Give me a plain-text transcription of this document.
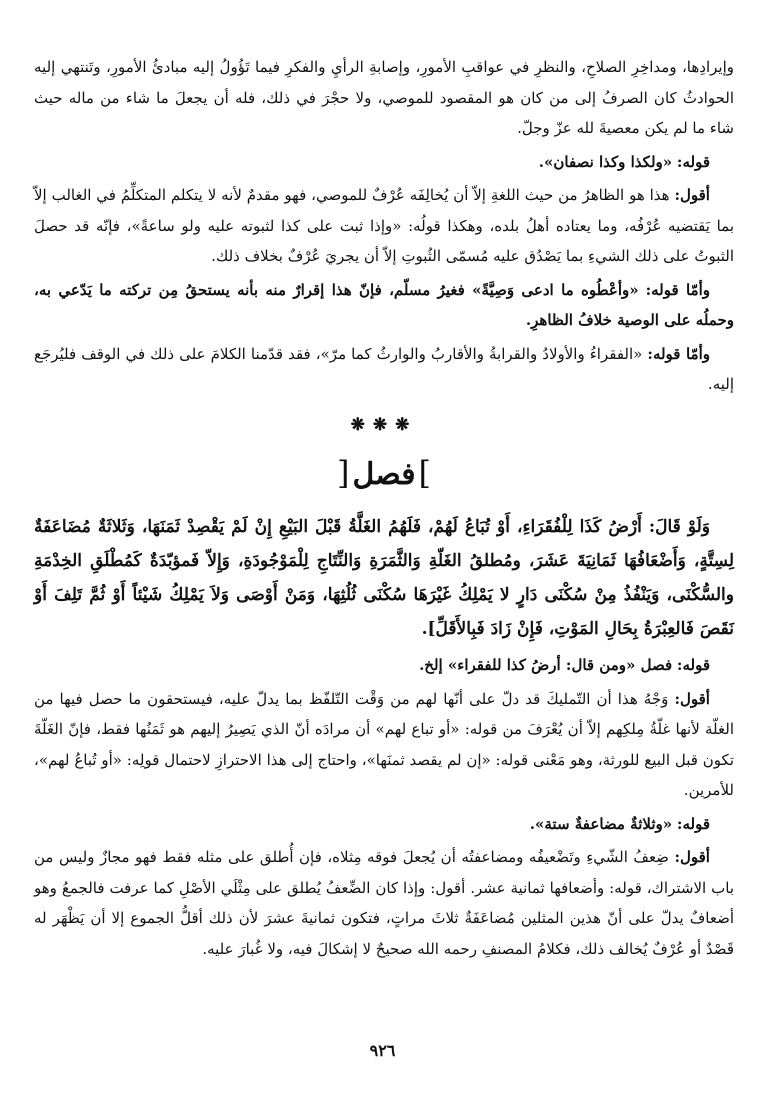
وإيرادِها، ومداخِرِ الصلاحِ، والنظرِ في عواقبِ الأمورِ، وإصابةِ الرأيِ والفكرِ فيما تَؤُولُ إليه مبادئُ الأمورِ، وتَنتهي إليه الحوادثُ كان الصرفُ إلى من كان هو المقصود للموصي، ولا حجْرَ في ذلك، فله أن يجعلَ ما شاء من ماله حيث شاء ما لم يكن معصيةَ لله عزّ وجلّ.

قوله: «ولكذا وكذا نصفان».

أقول: هذا هو الظاهرُ من حيث اللغةِ إلاّ أن يُخالِفَه عُرْفٌ للموصي، فهو مقدمٌ لأنه لا يتكلم المتكلِّمُ في الغالب إلاّ بما يَقتضيه عُرْفُه، وما يعتاده أهلُ بلده، وهكذا قولُه: «وإذا ثبت على كذا لثبوته عليه ولو ساعةً»، فإنّه قد حصلَ الثبوتُ على ذلك الشيءِ بما يَصْدُق عليه مُسمّى الثُبوتِ إلاّ أن يجريَ عُرْفٌ بخلاف ذلك.

وأمّا قوله: «وأعْطُوه ما ادعى وَصِيَّةً» فغيرُ مسلّم، فإنّ هذا إقرارٌ منه بأنه يستحقُ مِن تركته ما يَدّعي به، وحملُه على الوصية خلافُ الظاهرِ.

وأمّا قوله: «الفقراءُ والأولادُ والقرابةُ والأقاربُ والوارثُ كما مرّ»، فقد قدّمنا الكلامَ على ذلك في الوقف فليُرجَع إليه.

❋❋❋
]فصل[

وَلَوْ قَالَ: أَرْضُ كَذَا لِلْفُقَرَاءِ، أَوْ تُبَاعُ لَهُمْ، فَلَهُمُ الغَلَّةُ قَبْلَ البَيْعِ إِنْ لَمْ يَقْصِدْ ثَمَنَهَا، وَثَلاثَةٌ مُضَاعَفَةٌ لِسِتَّةٍ، وَأَضْعَافُهَا ثَمَانِيَةَ عَشَرَ، ومُطلقُ الغَلّةِ وَالثَّمَرَةِ وَالنِّتَاجِ لِلْمَوْجُودَةِ، وَإِلاّ فَمؤبّدَةٌ كَمُطْلَقِ الخِدْمَةِ والسُّكْنَى، وَيَنْفُذُ مِنْ سُكْنَى دَارٍ لا يَمْلِكُ غَيْرَهَا سُكْنَى ثُلُثِهَا، وَمَنْ أَوْصَى وَلاَ يَمْلِكُ شَيْئاً أَوْ ثُمَّ تَلِفَ أَوْ نَقَصَ فَالعِبْرَةُ بِحَالِ المَوْتِ، فَإِنْ زَادَ فَبِالأَقَلِّ].

قوله: فصل «ومن قال: أرضُ كذا للفقراء» إلخ.

أقول: وَجْهُ هذا أن التّمليكَ قد دلّ على أنّها لهم من وَقْت التّلفّظ بما يدلّ عليه، فيستحقون ما حصل فيها من الغلّة لأنها غلّةُ مِلكِهم إلاّ أن يُعْرَفَ من قوله: «أو تباع لهم» أن مرادَه أنّ الذي يَصِيرُ إليهم هو ثَمَنُها فقط، فإنّ الغَلّةَ تكون قبل البيع للورثة، وهو مَعْنى قوله: «إن لم يقصد ثمنَها»، واحتاج إلى هذا الاحترازِ لاحتمال قولِه: «أو تُباعُ لهم»، للأمرين.

قوله: «وثلاثةٌ مضاعفةٌ ستة».

أقول: ضِعفُ الشّيءِ وتَضْعيفُه ومضاعفتُه أن يُجعلَ فوقه مِثلاه، فإن أُطلق على مثله فقط فهو مجازٌ وليس من باب الاشتراك، قوله: وأضعافها ثمانية عشر. أقول: وإذا كان الضِّعفُ يُطلق على مِثْلَي الأصْلِ كما عرفت فالجمعُ وهو أضعافٌ يدلّ على أنّ هذين المثلين مُضاعَفَةٌ ثلاثَ مراتٍ، فتكون ثمانيةَ عشرَ لأن ذلك أقلُّ الجموع إلا أن يَظْهَر له قَصْدٌ أو عُرْفٌ يُخالف ذلك، فكلامُ المصنفِ رحمه الله صحيحٌ لا إشكالَ فيه، ولا غُبارَ عليه.

٩٢٦
